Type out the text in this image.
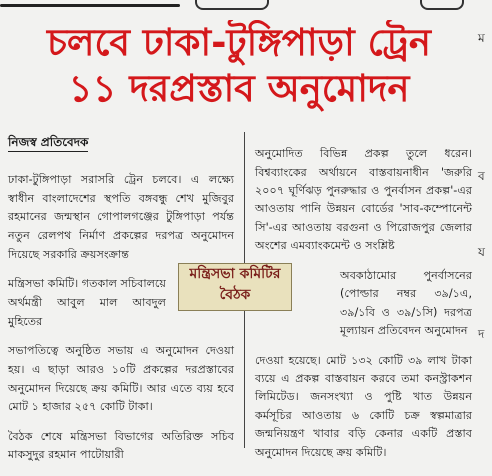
চলবে ঢাকা-টুঙ্গিপাড়া ট্রেন
১১ দরপ্রস্তাব অনুমোদন
নিজস্ব প্রতিবেদক

ঢাকা-টুঙ্গিপাড়া সরাসরি ট্রেন চলবে। এ লক্ষ্যে স্বাধীন বাংলাদেশের স্থপতি বঙ্গবন্ধু শেখ মুজিবুর রহমানের জন্মস্থান গোপালগঞ্জের টুঙ্গিপাড়া পর্যন্ত নতুন রেলপথ নির্মাণ প্রকল্পের দরপত্র অনুমোদন দিয়েছে সরকারি ক্রয়সংক্রান্ত

মন্ত্রিসভা কমিটি। গতকাল সচিবালয়ে অর্থমন্ত্রী আবুল মাল আবদুল মুহিতের

সভাপতিত্বে অনুষ্ঠিত সভায় এ অনুমোদন দেওয়া হয়। এ ছাড়া আরও ১০টি প্রকল্পের দরপ্রস্তাবের অনুমোদন দিয়েছে ক্রয় কমিটি। আর এতে ব্যয় হবে মোট ১ হাজার ২৫৭ কোটি টাকা।

বৈঠক শেষে মন্ত্রিসভা বিভাগের অতিরিক্ত সচিব মাকসুদুর রহমান পাটোয়ারী

অনুমোদিত বিভিন্ন প্রকল্প তুলে ধরেন। বিশ্বব্যাংকের অর্থায়নে বাস্তবায়নাধীন 'জরুরি ২০০৭ ঘূর্ণিঝড় পুনরুদ্ধার ও পুনর্বাসন প্রকল্প'-এর আওতায় পানি উন্নয়ন বোর্ডের 'সাব-কম্পোনেন্ট সি'-এর আওতায় বরগুনা ও পিরোজপুর জেলার অংশের এমব্যাংকমেন্ট ও সংশ্লিষ্ট

অবকাঠামোর পুনর্বাসনের (পোল্ডার নম্বর ৩৯/১এ, ৩৯/১বি ও ৩৯/১সি) দরপত্র মূল্যায়ন প্রতিবেদন অনুমোদন

দেওয়া হয়েছে। মোট ১৩২ কোটি ৩৯ লাখ টাকা ব্যয়ে এ প্রকল্প বাস্তবায়ন করবে তমা কনস্ট্রাকশন লিমিটেড। জনসংখ্যা ও পুষ্টি খাত উন্নয়ন কর্মসূচির আওতায় ৬ কোটি চক্র স্বল্পমাত্রার জন্মনিয়ন্ত্রণ খাবার বড়ি কেনার একটি প্রস্তাব অনুমোদন দিয়েছে ক্রয় কমিটি।

মন্ত্রিসভা কমিটির
বৈঠক
ম
ব
য
দ
